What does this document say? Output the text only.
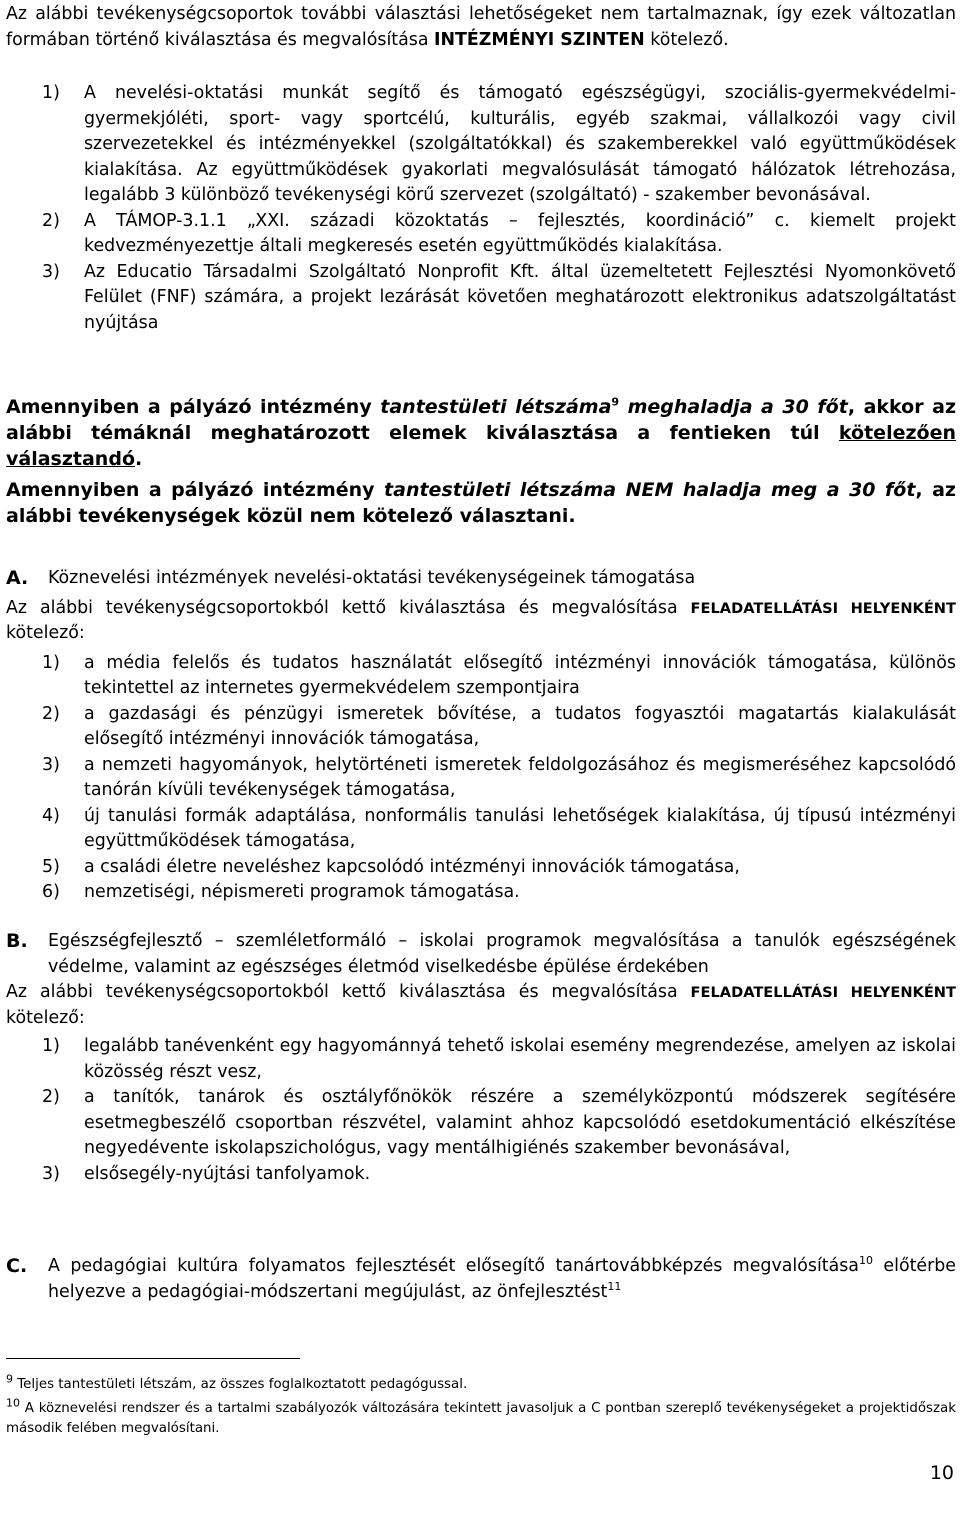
Az alábbi tevékenységcsoportok további választási lehetőségeket nem tartalmaznak, így ezek változatlan formában történő kiválasztása és megvalósítása INTÉZMÉNYI SZINTEN kötelező.

1) A nevelési-oktatási munkát segítő és támogató egészségügyi, szociális-gyermekvédelmi-gyermekjóléti, sport- vagy sportcélú, kulturális, egyéb szakmai, vállalkozói vagy civil szervezetekkel és intézményekkel (szolgáltatókkal) és szakemberekkel való együttműködések kialakítása. Az együttműködések gyakorlati megvalósulását támogató hálózatok létrehozása, legalább 3 különböző tevékenységi körű szervezet (szolgáltató) - szakember bevonásával.
2) A TÁMOP-3.1.1 „XXI. századi közoktatás – fejlesztés, koordináció” c. kiemelt projekt kedvezményezettje általi megkeresés esetén együttműködés kialakítása.
3) Az Educatio Társadalmi Szolgáltató Nonprofit Kft. által üzemeltetett Fejlesztési Nyomonkövető Felület (FNF) számára, a projekt lezárását követően meghatározott elektronikus adatszolgáltatást nyújtása

Amennyiben a pályázó intézmény tantestületi létszáma$^9$ meghaladja a 30 főt, akkor az alábbi témáknál meghatározott elemek kiválasztása a fentieken túl kötelezően választandó.

Amennyiben a pályázó intézmény tantestületi létszáma NEM haladja meg a 30 főt, az alábbi tevékenységek közül nem kötelező választani.

A. Köznevelési intézmények nevelési-oktatási tevékenységeinek támogatása

Az alábbi tevékenységcsoportokból kettő kiválasztása és megvalósítása FELADATELLÁTÁSI HELYENKÉNT kötelező:

1) a média felelős és tudatos használatát elősegítő intézményi innovációk támogatása, különös tekintettel az internetes gyermekvédelem szempontjaira
2) a gazdasági és pénzügyi ismeretek bővítése, a tudatos fogyasztói magatartás kialakulását elősegítő intézményi innovációk támogatása,
3) a nemzeti hagyományok, helytörténeti ismeretek feldolgozásához és megismeréséhez kapcsolódó tanórán kívüli tevékenységek támogatása,
4) új tanulási formák adaptálása, nonformális tanulási lehetőségek kialakítása, új típusú intézményi együttműködések támogatása,
5) a családi életre neveléshez kapcsolódó intézményi innovációk támogatása,
6) nemzetiségi, népismereti programok támogatása.

B. Egészségfejlesztő – szemléletformáló – iskolai programok megvalósítása a tanulók egészségének védelme, valamint az egészséges életmód viselkedésbe épülése érdekében

Az alábbi tevékenységcsoportokból kettő kiválasztása és megvalósítása FELADATELLÁTÁSI HELYENKÉNT kötelező:

1) legalább tanévenként egy hagyománnyá tehető iskolai esemény megrendezése, amelyen az iskolai közösség részt vesz,
2) a tanítók, tanárok és osztályfőnökök részére a személyközpontú módszerek segítésére esetmegbeszélő csoportban részvétel, valamint ahhoz kapcsolódó esetdokumentáció elkészítése negyedévente iskolapszichológus, vagy mentálhigiénés szakember bevonásával,
3) elsősegély-nyújtási tanfolyamok.

C. A pedagógiai kultúra folyamatos fejlesztését elősegítő tanártovábbképzés megvalósítása$^{10}$ előtérbe helyezve a pedagógiai-módszertani megújulást, az önfejlesztést$^{11}$

$^9$ Teljes tantestületi létszám, az összes foglalkoztatott pedagógussal.

$^{10}$ A köznevelési rendszer és a tartalmi szabályozók változására tekintett javasoljuk a C pontban szereplő tevékenységeket a projektidőszak második felében megvalósítani.

10
